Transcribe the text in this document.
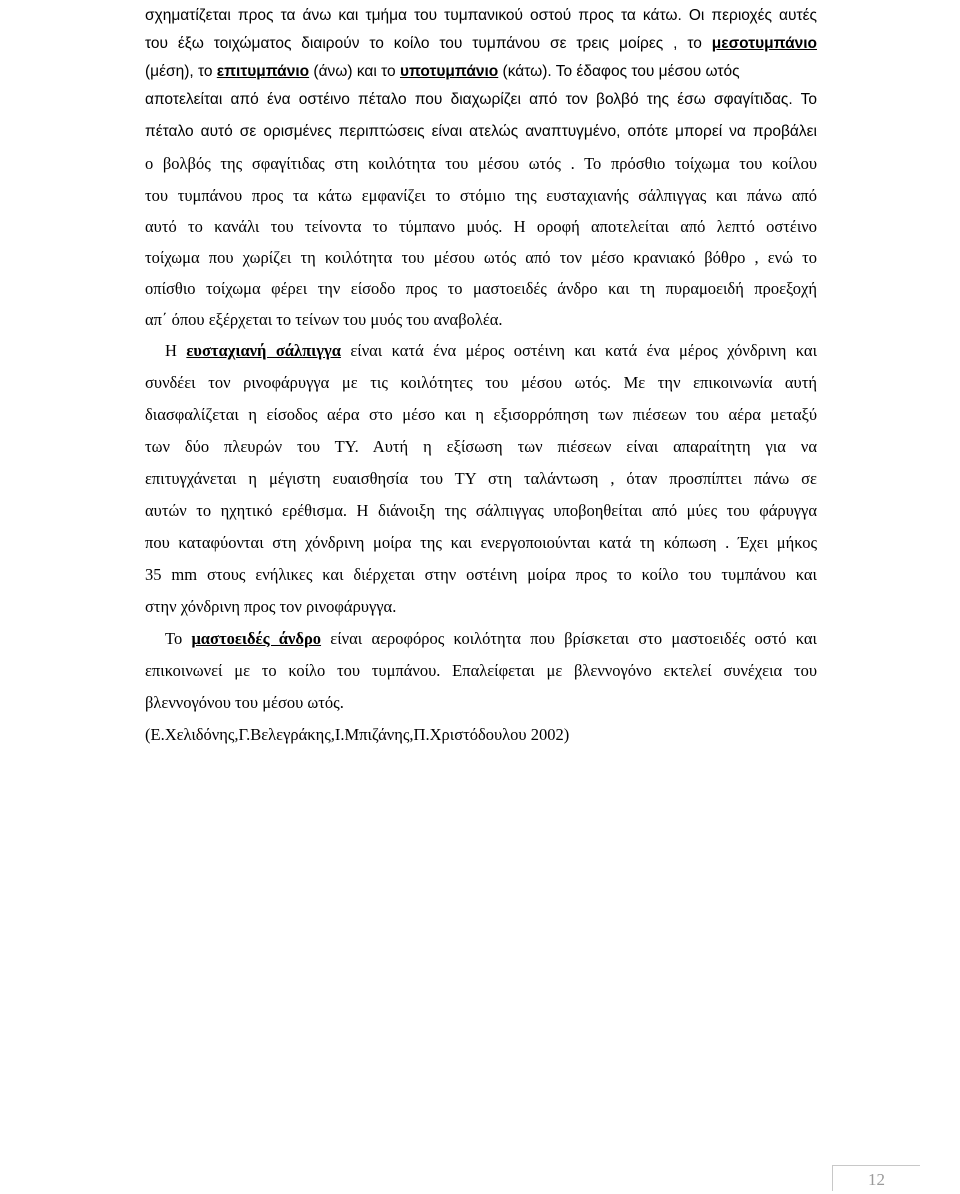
σχηματίζεται προς τα άνω και τμήμα του τυμπανικού οστού προς τα κάτω. Οι περιοχές αυτές
του έξω τοιχώματος διαιρούν το κοίλο του τυμπάνου σε τρεις μοίρες , το μεσοτυμπάνιο
(μέση), το επιτυμπάνιο (άνω) και το υποτυμπάνιο (κάτω). Το έδαφος του μέσου ωτός
αποτελείται από ένα οστέινο πέταλο που διαχωρίζει από τον βολβό της έσω σφαγίτιδας. Το
πέταλο αυτό σε ορισμένες περιπτώσεις είναι ατελώς αναπτυγμένο, οπότε μπορεί να προβάλει
ο βολβός της σφαγίτιδας στη κοιλότητα του μέσου ωτός . Το πρόσθιο τοίχωμα του κοίλου
του τυμπάνου προς τα κάτω εμφανίζει το στόμιο της ευσταχιανής σάλπιγγας και πάνω από
αυτό το κανάλι του τείνοντα το τύμπανο μυός. Η οροφή αποτελείται από λεπτό οστέινο
τοίχωμα που χωρίζει τη κοιλότητα του μέσου ωτός από τον μέσο κρανιακό βόθρο , ενώ το
οπίσθιο τοίχωμα φέρει την είσοδο προς το μαστοειδές άνδρο και τη πυραμοειδή προεξοχή
απ΄ όπου εξέρχεται το τείνων του μυός του αναβολέα.
Η ευσταχιανή σάλπιγγα είναι κατά ένα μέρος οστέινη και κατά ένα μέρος χόνδρινη και
συνδέει τον ρινοφάρυγγα με τις κοιλότητες του μέσου ωτός. Με την επικοινωνία αυτή
διασφαλίζεται η είσοδος αέρα στο μέσο και η εξισορρόπηση των πιέσεων του αέρα μεταξύ
των δύο πλευρών του ΤΥ. Αυτή η εξίσωση των πιέσεων είναι απαραίτητη για να
επιτυγχάνεται η μέγιστη ευαισθησία του ΤΥ στη ταλάντωση , όταν προσπίπτει πάνω σε
αυτών το ηχητικό ερέθισμα. Η διάνοιξη της σάλπιγγας υποβοηθείται από μύες του φάρυγγα
που καταφύονται στη χόνδρινη μοίρα της και ενεργοποιούνται κατά τη κόπωση . Έχει μήκος
35 mm στους ενήλικες και διέρχεται στην οστέινη μοίρα προς το κοίλο του τυμπάνου και
στην χόνδρινη προς τον ρινοφάρυγγα.
Το μαστοειδές άνδρο είναι αεροφόρος κοιλότητα που βρίσκεται στο μαστοειδές οστό και
επικοινωνεί με το κοίλο του τυμπάνου. Επαλείφεται με βλεννογόνο εκτελεί συνέχεια του
βλεννογόνου του μέσου ωτός.
(Ε.Χελιδόνης,Γ.Βελεγράκης,Ι.Μπιζάνης,Π.Χριστόδουλου 2002)
12
